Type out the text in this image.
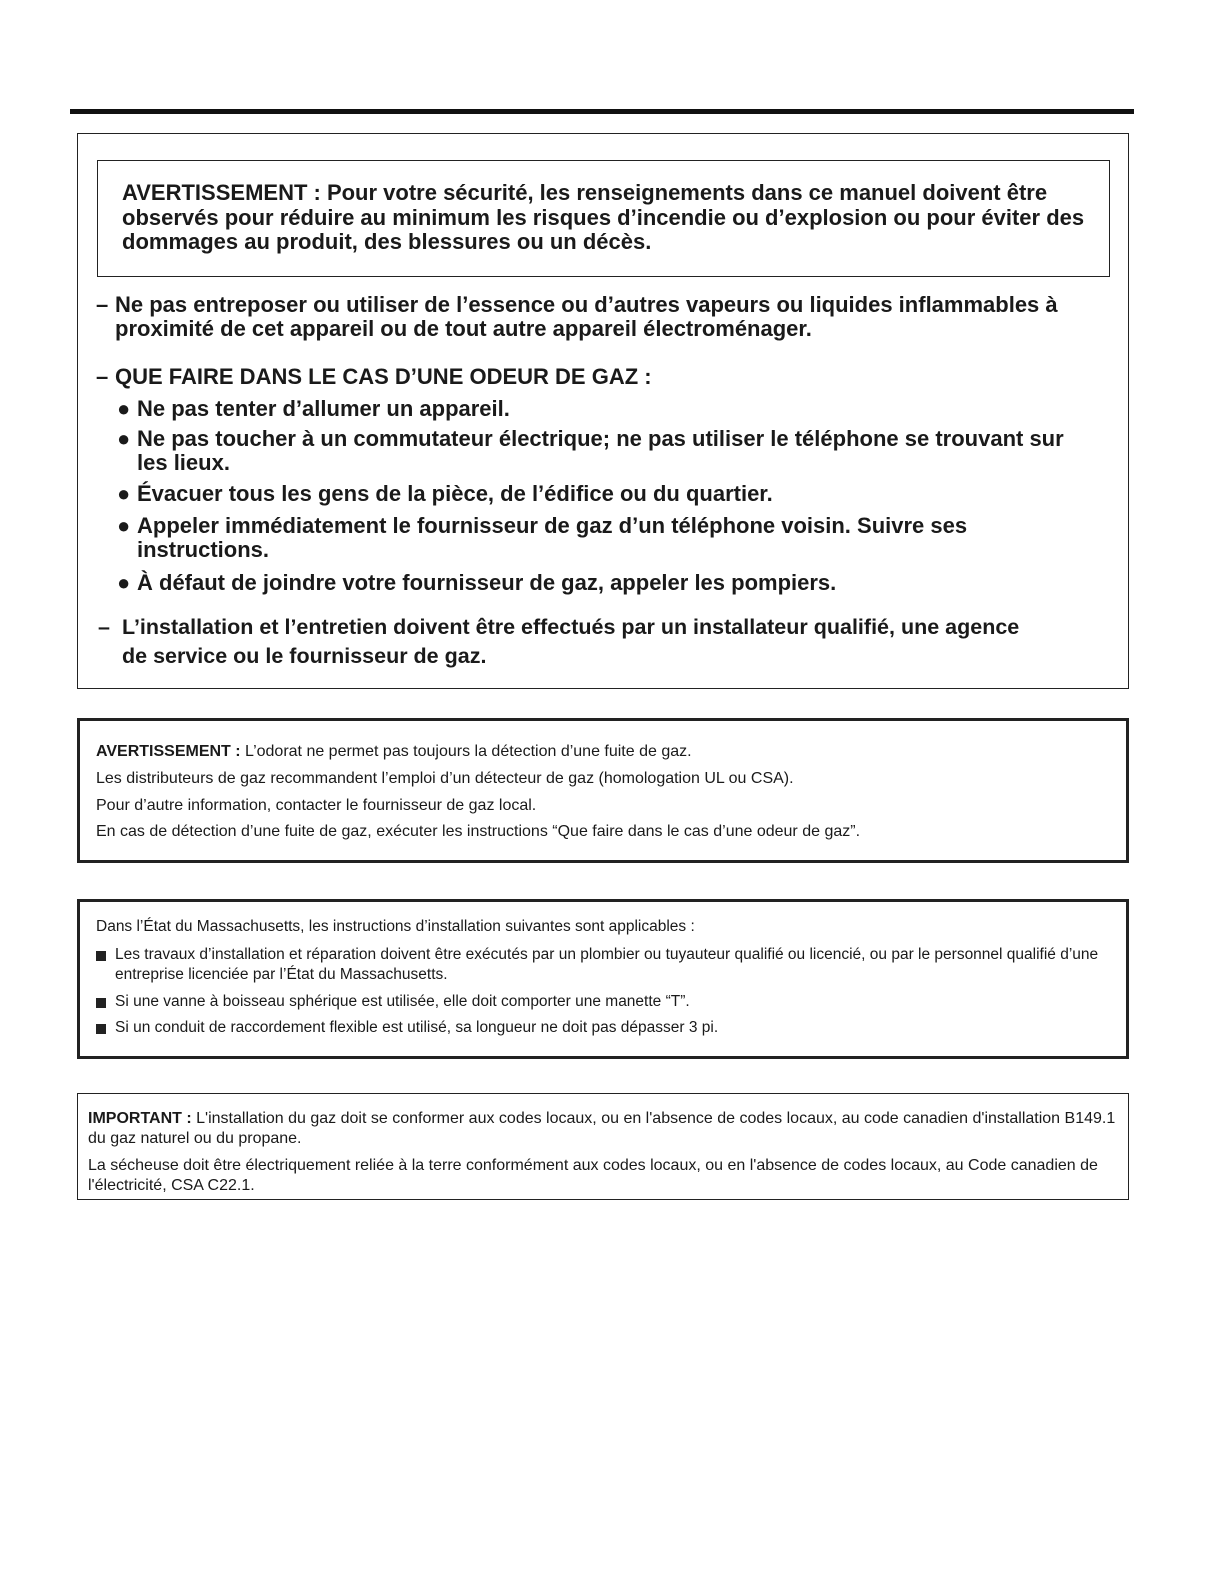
AVERTISSEMENT : Pour votre sécurité, les renseignements dans ce manuel doivent être observés pour réduire au minimum les risques d’incendie ou d’explosion ou pour éviter des dommages au produit, des blessures ou un décès.

– Ne pas entreposer ou utiliser de l’essence ou d’autres vapeurs ou liquides inflammables à proximité de cet appareil ou de tout autre appareil électroménager.
– QUE FAIRE DANS LE CAS D’UNE ODEUR DE GAZ :
● Ne pas tenter d’allumer un appareil.
● Ne pas toucher à un commutateur électrique; ne pas utiliser le téléphone se trouvant sur les lieux.
● Évacuer tous les gens de la pièce, de l’édifice ou du quartier.
● Appeler immédiatement le fournisseur de gaz d’un téléphone voisin. Suivre ses instructions.
● À défaut de joindre votre fournisseur de gaz, appeler les pompiers.
– L’installation et l’entretien doivent être effectués par un installateur qualifié, une agence de service ou le fournisseur de gaz.

AVERTISSEMENT : L’odorat ne permet pas toujours la détection d’une fuite de gaz.

Les distributeurs de gaz recommandent l’emploi d’un détecteur de gaz (homologation UL ou CSA).

Pour d’autre information, contacter le fournisseur de gaz local.

En cas de détection d’une fuite de gaz, exécuter les instructions “Que faire dans le cas d’une odeur de gaz”.

Dans l’État du Massachusetts, les instructions d’installation suivantes sont applicables :
Les travaux d’installation et réparation doivent être exécutés par un plombier ou tuyauteur qualifié ou licencié, ou par le personnel qualifié d’une entreprise licenciée par l’État du Massachusetts.
Si une vanne à boisseau sphérique est utilisée, elle doit comporter une manette “T”.
Si un conduit de raccordement flexible est utilisé, sa longueur ne doit pas dépasser 3 pi.

IMPORTANT : L'installation du gaz doit se conformer aux codes locaux, ou en l'absence de codes locaux, au code canadien d'installation B149.1 du gaz naturel ou du propane.

La sécheuse doit être électriquement reliée à la terre conformément aux codes locaux, ou en l'absence de codes locaux, au Code canadien de l'électricité, CSA C22.1.
